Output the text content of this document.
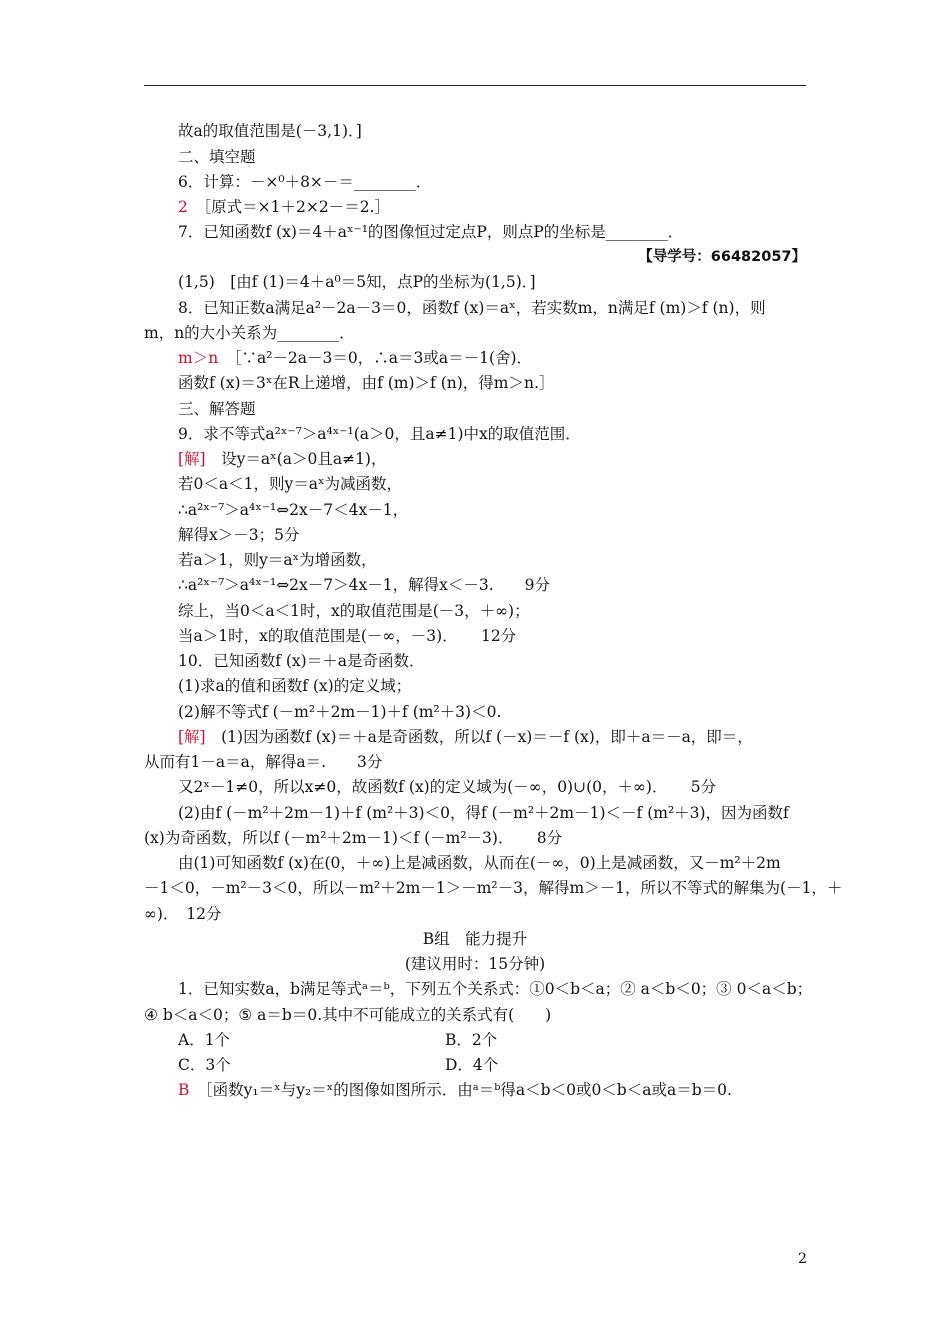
故a的取值范围是(－3,1)．]
二、填空题
6．计算：－×⁰＋8×－＝________．
2　 ［原式＝×1＋2×2－＝2.］
7．已知函数f (x)＝4＋aˣ⁻¹的图像恒过定点P，则点P的坐标是________．
【导学号：66482057】
(1,5)　[由f (1)＝4＋a⁰＝5知，点P的坐标为(1,5)．]
8．已知正数a满足a²－2a－3＝0，函数f (x)＝aˣ，若实数m，n满足f (m)＞f (n)，则
m，n的大小关系为________．
m＞n　 ［∵a²－2a－3＝0，∴a＝3或a＝－1(舍)．
函数f (x)＝3ˣ在R上递增，由f (m)＞f (n)，得m＞n.］
三、解答题
9．求不等式a²ˣ⁻⁷＞a⁴ˣ⁻¹(a＞0，且a≠1)中x的取值范围．
[解]　 设y＝aˣ(a＞0且a≠1)，
若0＜a＜1，则y＝aˣ为减函数，
∴a²ˣ⁻⁷＞a⁴ˣ⁻¹⇔2x－7＜4x－1，
解得x＞－3；5分
若a＞1，则y＝aˣ为增函数，
∴a²ˣ⁻⁷＞a⁴ˣ⁻¹⇔2x－7＞4x－1，解得x＜－3.　　9分
综上，当0＜a＜1时，x的取值范围是(－3，＋∞)；
当a＞1时，x的取值范围是(－∞，－3)．　　12分
10．已知函数f (x)＝＋a是奇函数．
(1)求a的值和函数f (x)的定义域；
(2)解不等式f (－m²＋2m－1)＋f (m²＋3)＜0.
[解]　 (1)因为函数f (x)＝＋a是奇函数，所以f (－x)＝－f (x)，即＋a＝－a，即＝，
从而有1－a＝a，解得a＝.　　3分
又2ˣ－1≠0，所以x≠0，故函数f (x)的定义域为(－∞，0)∪(0，＋∞)．　　5分
(2)由f (－m²＋2m－1)＋f (m²＋3)＜0，得f (－m²＋2m－1)＜－f (m²＋3)，因为函数f
(x)为奇函数，所以f (－m²＋2m－1)＜f (－m²－3)．　　8分
由(1)可知函数f (x)在(0，＋∞)上是减函数，从而在(－∞，0)上是减函数，又－m²＋2m
－1＜0，－m²－3＜0，所以－m²＋2m－1＞－m²－3，解得m＞－1，所以不等式的解集为(－1，＋
∞)．　12分
B组　能力提升
(建议用时：15分钟)
1．已知实数a，b满足等式ᵃ＝ᵇ，下列五个关系式：①0＜b＜a；② a＜b＜0；③ 0＜a＜b；
④ b＜a＜0；⑤ a＝b＝0.其中不可能成立的关系式有(　　)
A．1个	B．2个
C．3个	D．4个
B　 ［函数y₁＝ˣ与y₂＝ˣ的图像如图所示．由ᵃ＝ᵇ得a＜b＜0或0＜b＜a或a＝b＝0.
2
